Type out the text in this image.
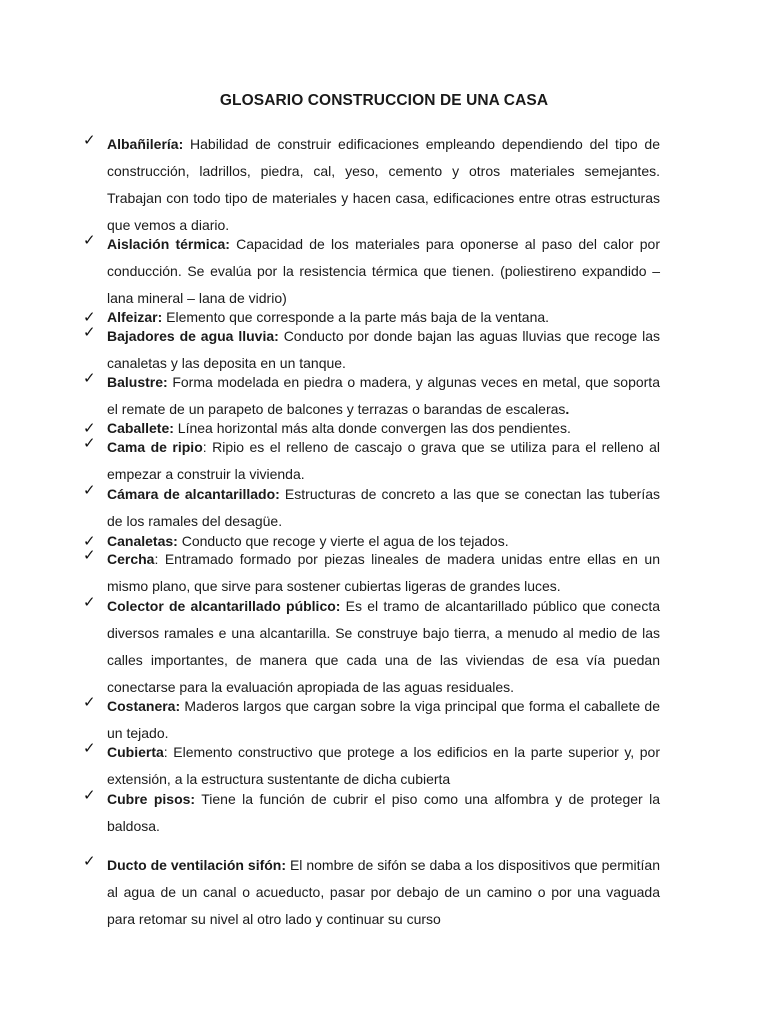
GLOSARIO CONSTRUCCION DE UNA CASA

✓ Albañilería: Habilidad de construir edificaciones empleando dependiendo del tipo de construcción, ladrillos, piedra, cal, yeso, cemento y otros materiales semejantes. Trabajan con todo tipo de materiales y hacen casa, edificaciones entre otras estructuras que vemos a diario.

✓ Aislación térmica: Capacidad de los materiales para oponerse al paso del calor por conducción. Se evalúa por la resistencia térmica que tienen. (poliestireno expandido – lana mineral – lana de vidrio)

✓ Alfeizar: Elemento que corresponde a la parte más baja de la ventana.

✓ Bajadores de agua lluvia: Conducto por donde bajan las aguas lluvias que recoge las canaletas y las deposita en un tanque.

✓ Balustre: Forma modelada en piedra o madera, y algunas veces en metal, que soporta el remate de un parapeto de balcones y terrazas o barandas de escaleras.

✓ Caballete: Línea horizontal más alta donde convergen las dos pendientes.

✓ Cama de ripio: Ripio es el relleno de cascajo o grava que se utiliza para el relleno al empezar a construir la vivienda.

✓ Cámara de alcantarillado: Estructuras de concreto a las que se conectan las tuberías de los ramales del desagüe.

✓ Canaletas: Conducto que recoge y vierte el agua de los tejados.

✓ Cercha: Entramado formado por piezas lineales de madera unidas entre ellas en un mismo plano, que sirve para sostener cubiertas ligeras de grandes luces.

✓ Colector de alcantarillado público: Es el tramo de alcantarillado público que conecta diversos ramales e una alcantarilla. Se construye bajo tierra, a menudo al medio de las calles importantes, de manera que cada una de las viviendas de esa vía puedan conectarse para la evaluación apropiada de las aguas residuales.

✓ Costanera: Maderos largos que cargan sobre la viga principal que forma el caballete de un tejado.

✓ Cubierta: Elemento constructivo que protege a los edificios en la parte superior y, por extensión, a la estructura sustentante de dicha cubierta

✓ Cubre pisos: Tiene la función de cubrir el piso como una alfombra y de proteger la baldosa.

✓ Ducto de ventilación sifón: El nombre de sifón se daba a los dispositivos que permitían al agua de un canal o acueducto, pasar por debajo de un camino o por una vaguada para retomar su nivel al otro lado y continuar su curso
